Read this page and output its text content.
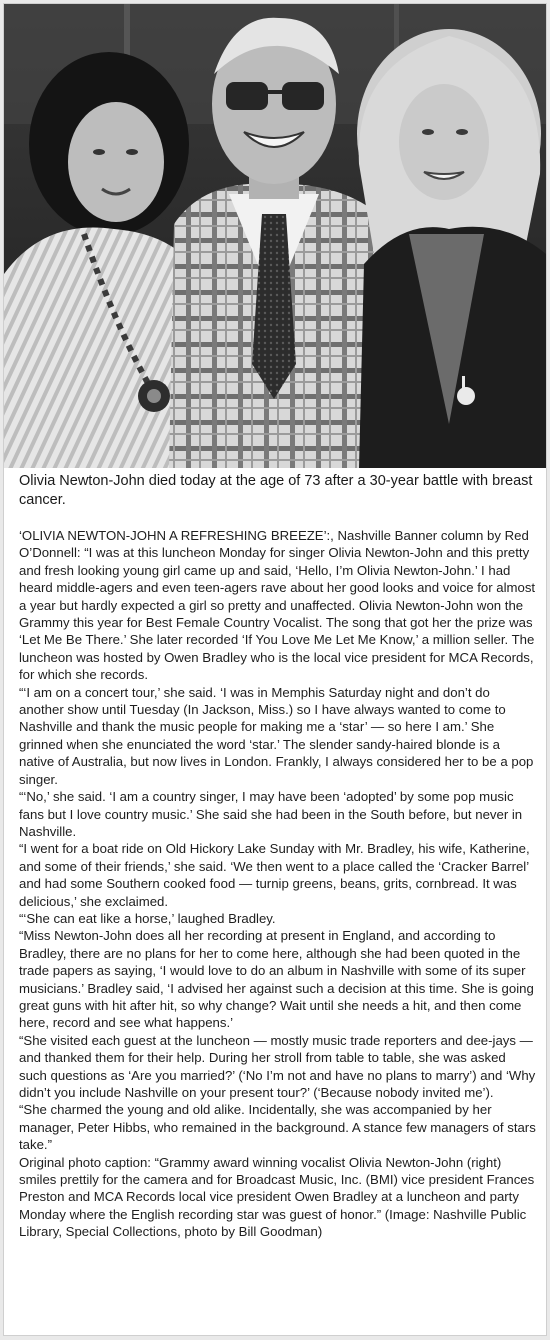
Olivia Newton-John died today at the age of 73 after a 30-year battle with breast cancer.

‘OLIVIA NEWTON-JOHN A REFRESHING BREEZE’:, Nashville Banner column by Red O’Donnell: “I was at this luncheon Monday for singer Olivia Newton-John and this pretty and fresh looking young girl came up and said, ‘Hello, I’m Olivia Newton-John.’ I had heard middle-agers and even teen-agers rave about her good looks and voice for almost a year but hardly expected a girl so pretty and unaffected. Olivia Newton-John won the Grammy this year for Best Female Country Vocalist. The song that got her the prize was ‘Let Me Be There.’ She later recorded ‘If You Love Me Let Me Know,’ a million seller. The luncheon was hosted by Owen Bradley who is the local vice president for MCA Records, for which she records.

“‘I am on a concert tour,’ she said. ‘I was in Memphis Saturday night and don’t do another show until Tuesday (In Jackson, Miss.) so I have always wanted to come to Nashville and thank the music people for making me a ‘star’ — so here I am.’ She grinned when she enunciated the word ‘star.’ The slender sandy-haired blonde is a native of Australia, but now lives in London. Frankly, I always considered her to be a pop singer.

“‘No,’ she said. ‘I am a country singer, I may have been ‘adopted’ by some pop music fans but I love country music.’ She said she had been in the South before, but never in Nashville.

“I went for a boat ride on Old Hickory Lake Sunday with Mr. Bradley, his wife, Katherine, and some of their friends,’ she said. ‘We then went to a place called the ‘Cracker Barrel’ and had some Southern cooked food — turnip greens, beans, grits, cornbread. It was delicious,’ she exclaimed.

“‘She can eat like a horse,’ laughed Bradley.

“Miss Newton-John does all her recording at present in England, and according to Bradley, there are no plans for her to come here, although she had been quoted in the trade papers as saying, ‘I would love to do an album in Nashville with some of its super musicians.’ Bradley said, ‘I advised her against such a decision at this time. She is going great guns with hit after hit, so why change? Wait until she needs a hit, and then come here, record and see what happens.’

“She visited each guest at the luncheon — mostly music trade reporters and dee-jays — and thanked them for their help. During her stroll from table to table, she was asked such questions as ‘Are you married?’ (‘No I’m not and have no plans to marry’) and ‘Why didn’t you include Nashville on your present tour?’ (‘Because nobody invited me’).

“She charmed the young and old alike. Incidentally, she was accompanied by her manager, Peter Hibbs, who remained in the background. A stance few managers of stars take.”

Original photo caption: “Grammy award winning vocalist Olivia Newton-John (right) smiles prettily for the camera and for Broadcast Music, Inc. (BMI) vice president Frances Preston and MCA Records local vice president Owen Bradley at a luncheon and party Monday where the English recording star was guest of honor.” (Image: Nashville Public Library, Special Collections, photo by Bill Goodman)
